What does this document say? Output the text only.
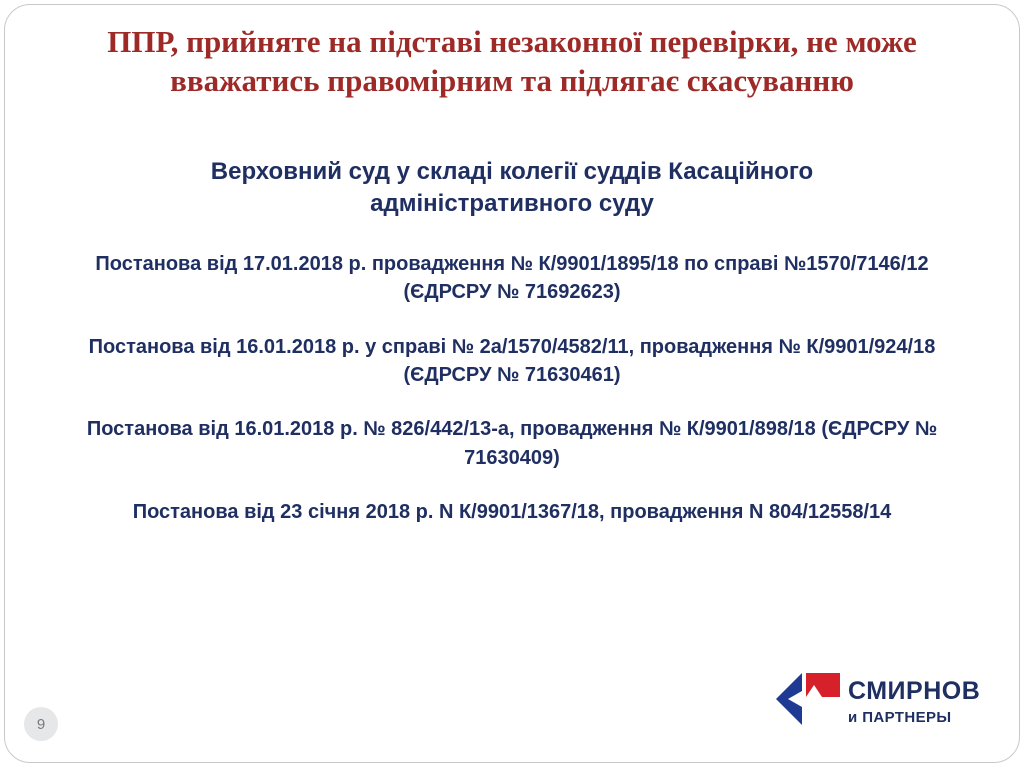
ППР, прийняте на підставі незаконної перевірки, не може вважатись правомірним та підлягає скасуванню

Верховний суд у складі колегії суддів Касаційного адміністративного суду

Постанова від 17.01.2018 р. провадження № К/9901/1895/18 по справі №1570/7146/12 (ЄДРСРУ № 71692623)

Постанова від 16.01.2018 р. у справі № 2а/1570/4582/11, провадження № К/9901/924/18 (ЄДРСРУ № 71630461)

Постанова від 16.01.2018 р. № 826/442/13-а, провадження № К/9901/898/18 (ЄДРСРУ № 71630409)

Постанова від 23 січня 2018 р. N К/9901/1367/18, провадження N 804/12558/14

9
СМИРНОВ
и ПАРТНЕРЫ
